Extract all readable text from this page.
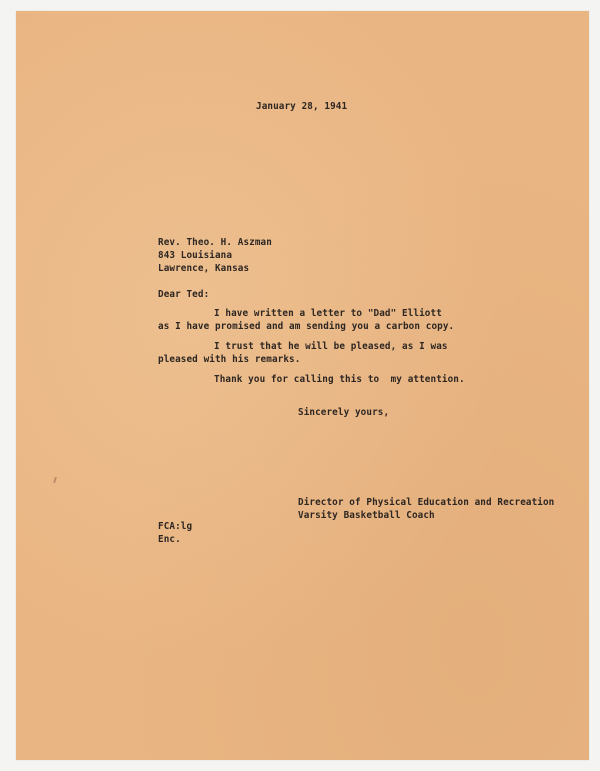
January 28, 1941
Rev. Theo. H. Aszman
843 Louisiana
Lawrence, Kansas
Dear Ted:
I have written a letter to "Dad" Elliott
as I have promised and am sending you a carbon copy.
I trust that he will be pleased, as I was
pleased with his remarks.
Thank you for calling this to  my attention.
Sincerely yours,
Director of Physical Education and Recreation
Varsity Basketball Coach
FCA:lg
Enc.
